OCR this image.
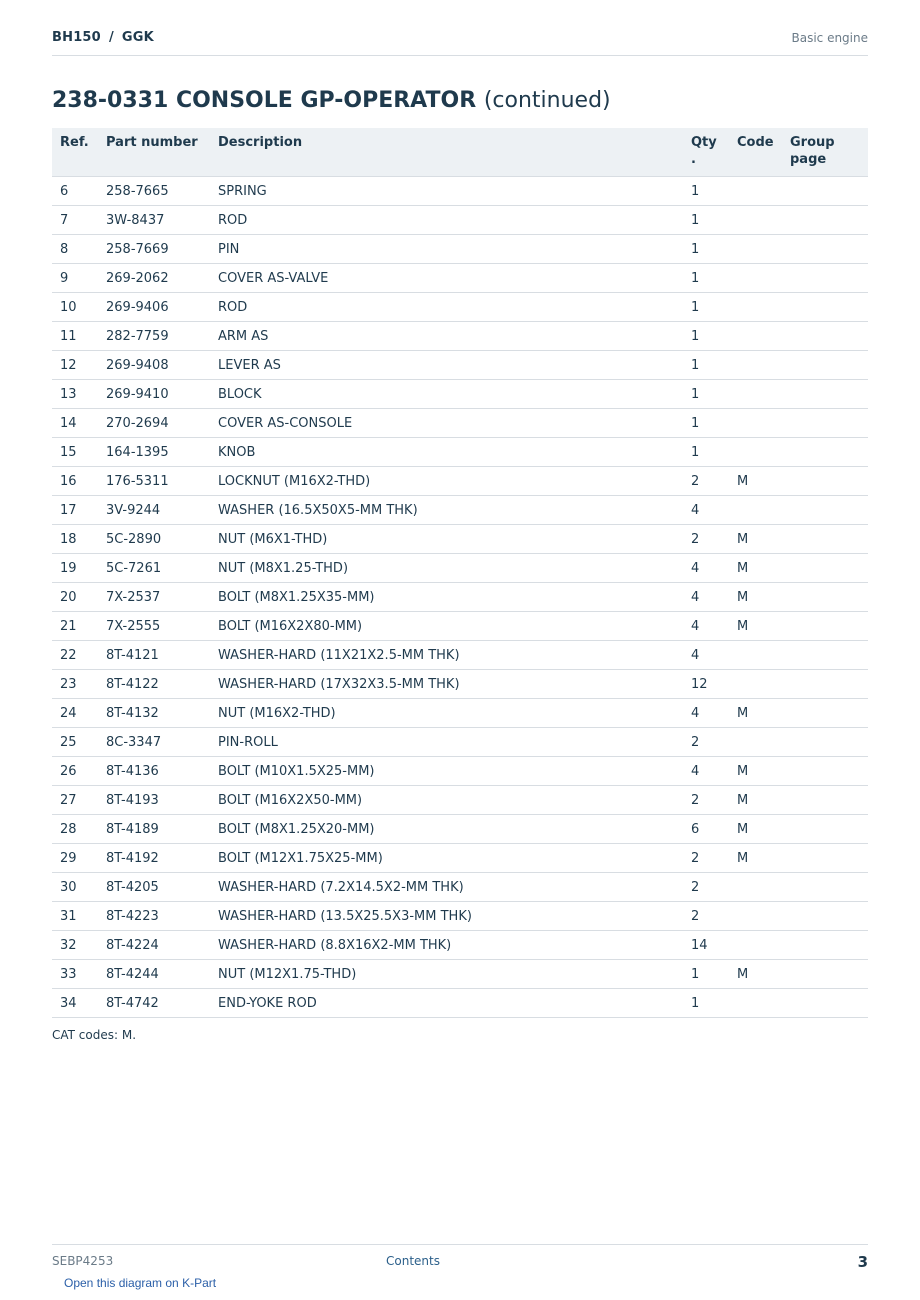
BH150 / GGK	Basic engine
238-0331 CONSOLE GP-OPERATOR (continued)
Ref.	Part number	Description	Qty.	Code	Group page
6	258-7665	SPRING	1		
7	3W-8437	ROD	1		
8	258-7669	PIN	1		
9	269-2062	COVER AS-VALVE	1		
10	269-9406	ROD	1		
11	282-7759	ARM AS	1		
12	269-9408	LEVER AS	1		
13	269-9410	BLOCK	1		
14	270-2694	COVER AS-CONSOLE	1		
15	164-1395	KNOB	1		
16	176-5311	LOCKNUT (M16X2-THD)	2	M	
17	3V-9244	WASHER (16.5X50X5-MM THK)	4		
18	5C-2890	NUT (M6X1-THD)	2	M	
19	5C-7261	NUT (M8X1.25-THD)	4	M	
20	7X-2537	BOLT (M8X1.25X35-MM)	4	M	
21	7X-2555	BOLT (M16X2X80-MM)	4	M	
22	8T-4121	WASHER-HARD (11X21X2.5-MM THK)	4		
23	8T-4122	WASHER-HARD (17X32X3.5-MM THK)	12		
24	8T-4132	NUT (M16X2-THD)	4	M	
25	8C-3347	PIN-ROLL	2		
26	8T-4136	BOLT (M10X1.5X25-MM)	4	M	
27	8T-4193	BOLT (M16X2X50-MM)	2	M	
28	8T-4189	BOLT (M8X1.25X20-MM)	6	M	
29	8T-4192	BOLT (M12X1.75X25-MM)	2	M	
30	8T-4205	WASHER-HARD (7.2X14.5X2-MM THK)	2		
31	8T-4223	WASHER-HARD (13.5X25.5X3-MM THK)	2		
32	8T-4224	WASHER-HARD (8.8X16X2-MM THK)	14		
33	8T-4244	NUT (M12X1.75-THD)	1	M	
34	8T-4742	END-YOKE ROD	1		
CAT codes: M.
SEBP4253	Contents	3
Open this diagram on K-Part
